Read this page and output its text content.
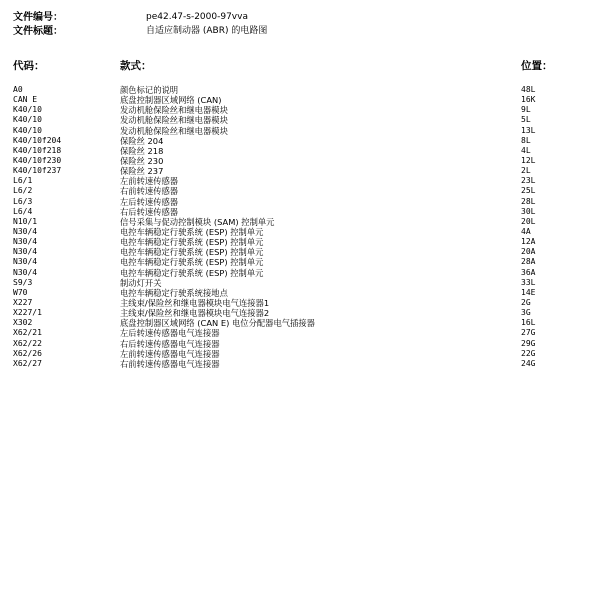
文件编号：	pe42.47-s-2000-97vva
文件标题：	自适应制动器 (ABR) 的电路图
代码：	款式：	位置：
A0	颜色标记的说明	48L
CAN E	底盘控制器区域网络 (CAN)	16K
K40/10	发动机舱保险丝和继电器模块	9L
K40/10	发动机舱保险丝和继电器模块	5L
K40/10	发动机舱保险丝和继电器模块	13L
K40/10f204	保险丝 204	8L
K40/10f218	保险丝 218	4L
K40/10f230	保险丝 230	12L
K40/10f237	保险丝 237	2L
L6/1	左前转速传感器	23L
L6/2	右前转速传感器	25L
L6/3	左后转速传感器	28L
L6/4	右后转速传感器	30L
N10/1	信号采集与促动控制模块 (SAM) 控制单元	20L
N30/4	电控车辆稳定行驶系统 (ESP) 控制单元	4A
N30/4	电控车辆稳定行驶系统 (ESP) 控制单元	12A
N30/4	电控车辆稳定行驶系统 (ESP) 控制单元	20A
N30/4	电控车辆稳定行驶系统 (ESP) 控制单元	28A
N30/4	电控车辆稳定行驶系统 (ESP) 控制单元	36A
S9/3	制动灯开关	33L
W70	电控车辆稳定行驶系统接地点	14E
X227	主线束/保险丝和继电器模块电气连接器1	2G
X227/1	主线束/保险丝和继电器模块电气连接器2	3G
X302	底盘控制器区域网络 (CAN E) 电位分配器电气插接器	16L
X62/21	左后转速传感器电气连接器	27G
X62/22	右后转速传感器电气连接器	29G
X62/26	左前转速传感器电气连接器	22G
X62/27	右前转速传感器电气连接器	24G
